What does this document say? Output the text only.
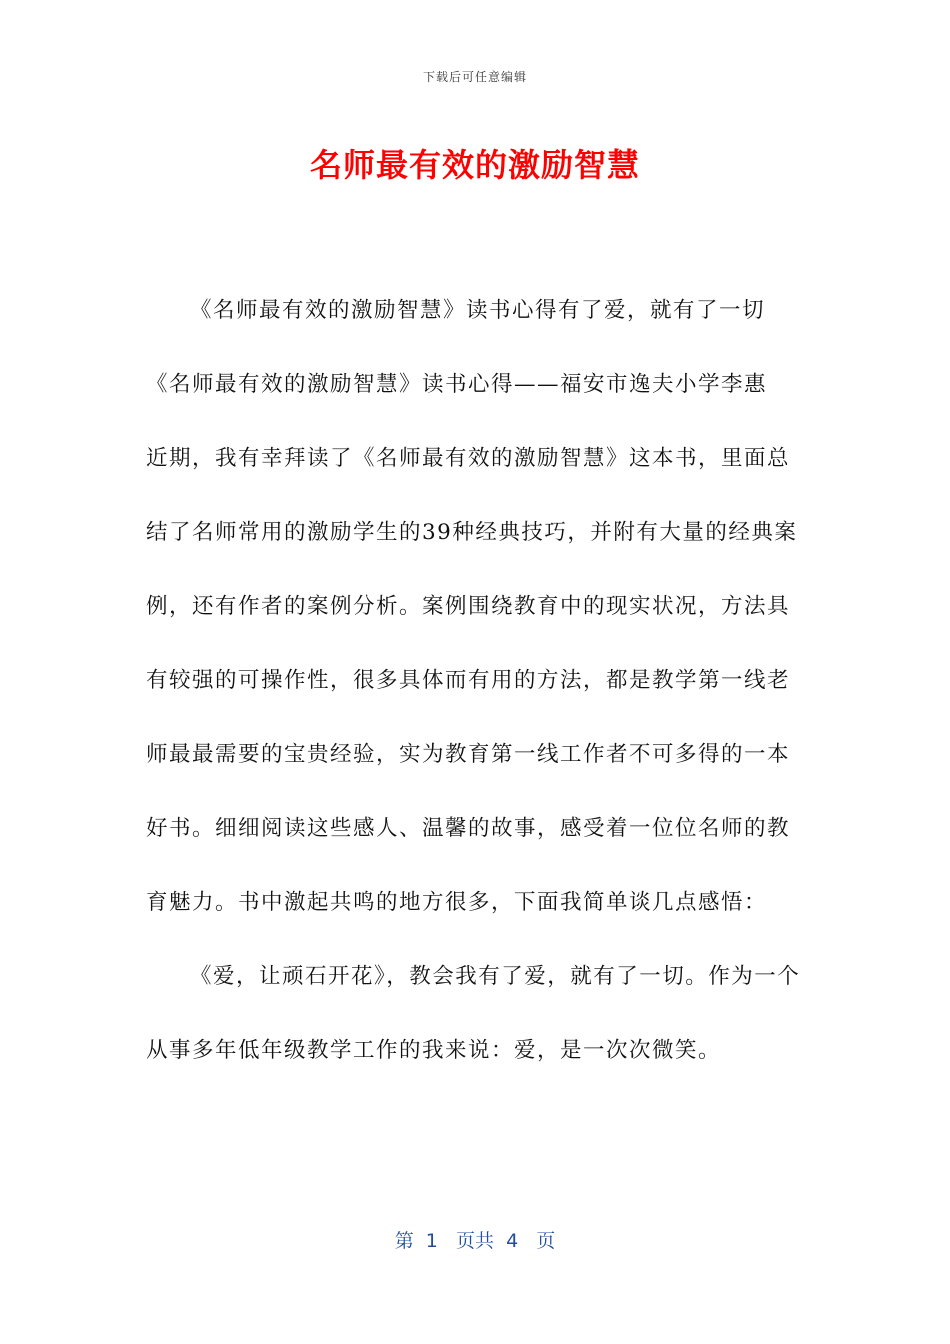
下载后可任意编辑
名师最有效的激励智慧

《名师最有效的激励智慧》读书心得有了爱，就有了一切

《名师最有效的激励智慧》读书心得——福安市逸夫小学李惠

近期，我有幸拜读了《名师最有效的激励智慧》这本书，里面总结了名师常用的激励学生的39种经典技巧，并附有大量的经典案例，还有作者的案例分析。案例围绕教育中的现实状况，方法具有较强的可操作性，很多具体而有用的方法，都是教学第一线老师最最需要的宝贵经验，实为教育第一线工作者不可多得的一本好书。细细阅读这些感人、温馨的故事，感受着一位位名师的教育魅力。书中激起共鸣的地方很多，下面我简单谈几点感悟：

《爱，让顽石开花》，教会我有了爱，就有了一切。作为一个从事多年低年级教学工作的我来说：爱，是一次次微笑。

第  1   页共  4   页
